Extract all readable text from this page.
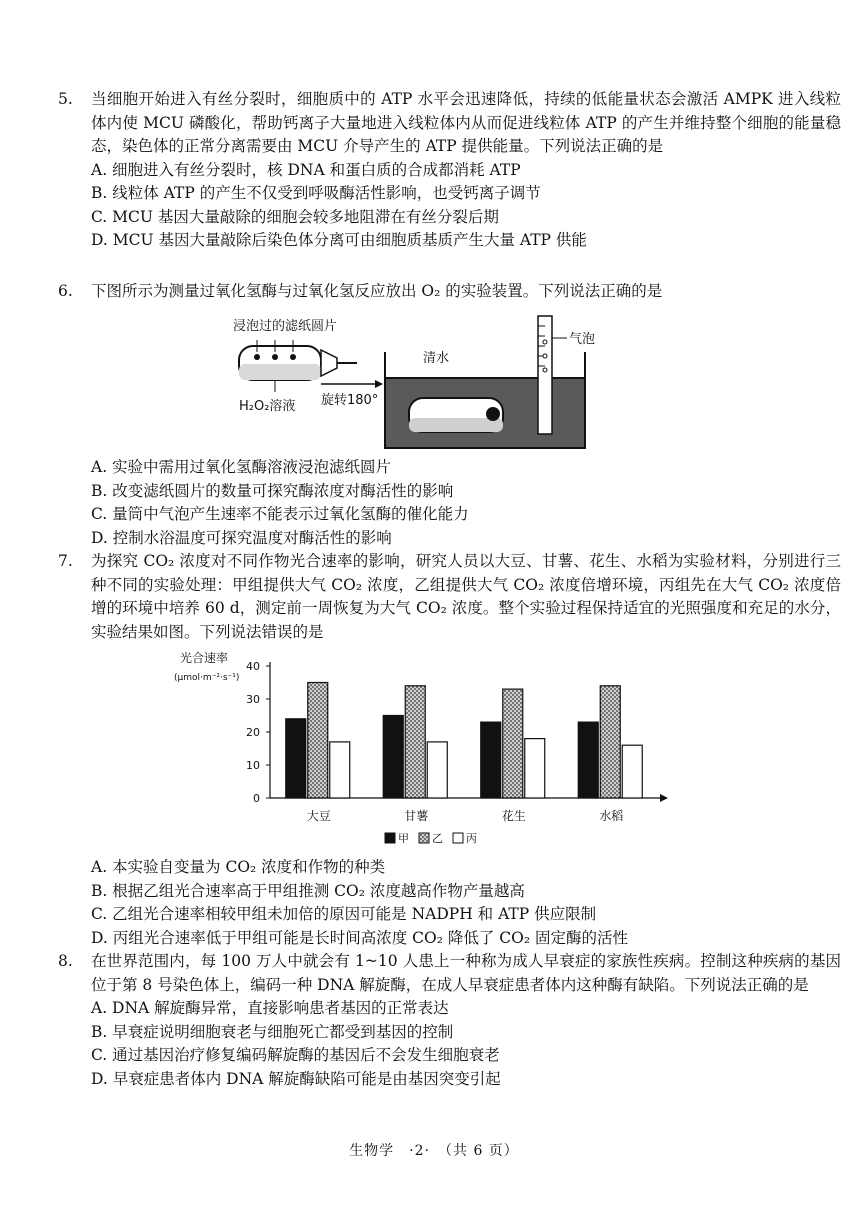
5.	当细胞开始进入有丝分裂时，细胞质中的 ATP 水平会迅速降低，持续的低能量状态会激活 AMPK 进入线粒体内使 MCU 磷酸化，帮助钙离子大量地进入线粒体内从而促进线粒体 ATP 的产生并维持整个细胞的能量稳态，染色体的正常分离需要由 MCU 介导产生的 ATP 提供能量。下列说法正确的是
A. 细胞进入有丝分裂时，核 DNA 和蛋白质的合成都消耗 ATP
B. 线粒体 ATP 的产生不仅受到呼吸酶活性影响，也受钙离子调节
C. MCU 基因大量敲除的细胞会较多地阻滞在有丝分裂后期
D. MCU 基因大量敲除后染色体分离可由细胞质基质产生大量 ATP 供能
6.	下图所示为测量过氧化氢酶与过氧化氢反应放出 O₂ 的实验装置。下列说法正确的是
浸泡过的滤纸圆片
H₂O₂溶液 旋转180°
清水
气泡
A. 实验中需用过氧化氢酶溶液浸泡滤纸圆片
B. 改变滤纸圆片的数量可探究酶浓度对酶活性的影响
C. 量筒中气泡产生速率不能表示过氧化氢酶的催化能力
D. 控制水浴温度可探究温度对酶活性的影响
7.	为探究 CO₂ 浓度对不同作物光合速率的影响，研究人员以大豆、甘薯、花生、水稻为实验材料，分别进行三种不同的实验处理：甲组提供大气 CO₂ 浓度，乙组提供大气 CO₂ 浓度倍增环境，丙组先在大气 CO₂ 浓度倍增的环境中培养 60 d，测定前一周恢复为大气 CO₂ 浓度。整个实验过程保持适宜的光照强度和充足的水分，实验结果如图。下列说法错误的是
光合速率
(μmol·m⁻²·s⁻¹)
0
10
20
30
40
大豆	甘薯	花生	水稻
甲 乙 丙
A. 本实验自变量为 CO₂ 浓度和作物的种类
B. 根据乙组光合速率高于甲组推测 CO₂ 浓度越高作物产量越高
C. 乙组光合速率相较甲组未加倍的原因可能是 NADPH 和 ATP 供应限制
D. 丙组光合速率低于甲组可能是长时间高浓度 CO₂ 降低了 CO₂ 固定酶的活性
8.	在世界范围内，每 100 万人中就会有 1~10 人患上一种称为成人早衰症的家族性疾病。控制这种疾病的基因位于第 8 号染色体上，编码一种 DNA 解旋酶，在成人早衰症患者体内这种酶有缺陷。下列说法正确的是
A. DNA 解旋酶异常，直接影响患者基因的正常表达
B. 早衰症说明细胞衰老与细胞死亡都受到基因的控制
C. 通过基因治疗修复编码解旋酶的基因后不会发生细胞衰老
D. 早衰症患者体内 DNA 解旋酶缺陷可能是由基因突变引起
生物学　·2·　（共 6 页）
